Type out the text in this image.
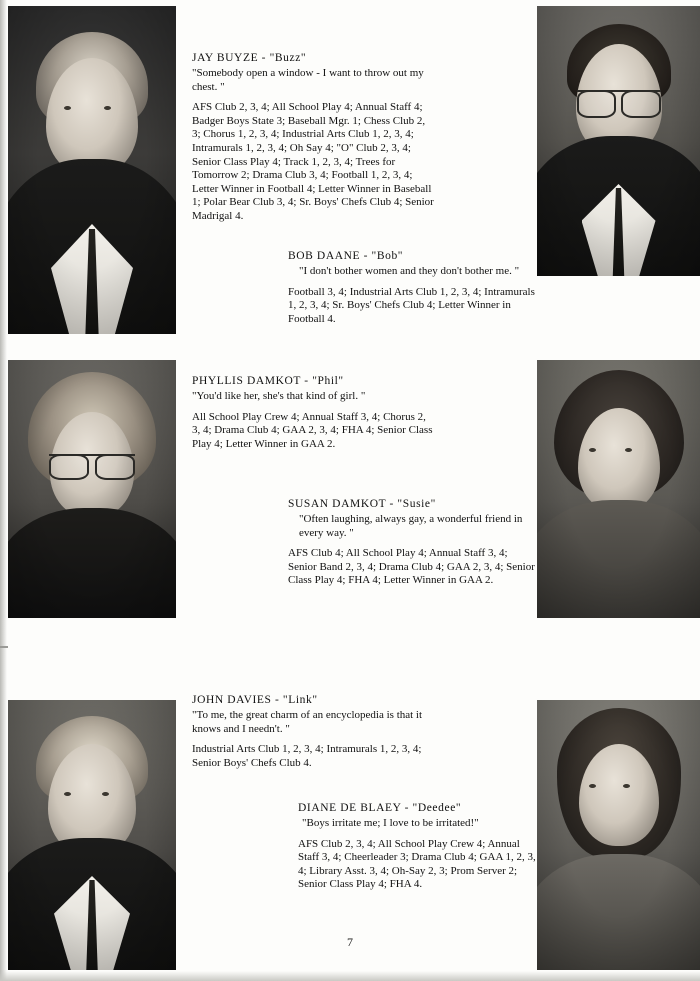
JAY BUYZE - "Buzz"

"Somebody open a window - I want to throw out my chest. "

AFS Club 2, 3, 4; All School Play 4; Annual Staff 4; Badger Boys State 3; Baseball Mgr. 1; Chess Club 2, 3; Chorus 1, 2, 3, 4; Industrial Arts Club 1, 2, 3, 4; Intramurals 1, 2, 3, 4; Oh Say 4; "O" Club 2, 3, 4; Senior Class Play 4; Track 1, 2, 3, 4; Trees for Tomorrow 2; Drama Club 3, 4; Football 1, 2, 3, 4; Letter Winner in Football 4; Letter Winner in Baseball 1; Polar Bear Club 3, 4; Sr. Boys' Chefs Club 4; Senior Madrigal 4.

BOB DAANE - "Bob"

"I don't bother women and they don't bother me. "

Football 3, 4; Industrial Arts Club 1, 2, 3, 4; Intramurals 1, 2, 3, 4; Sr. Boys' Chefs Club 4; Letter Winner in Football 4.

PHYLLIS DAMKOT - "Phil"

"You'd like her, she's that kind of girl. "

All School Play Crew 4; Annual Staff 3, 4; Chorus 2, 3, 4; Drama Club 4; GAA 2, 3, 4; FHA 4; Senior Class Play 4; Letter Winner in GAA 2.

SUSAN DAMKOT - "Susie"

"Often laughing, always gay, a wonderful friend in every way. "

AFS Club 4; All School Play 4; Annual Staff 3, 4; Senior Band 2, 3, 4; Drama Club 4; GAA 2, 3, 4; Senior Class Play 4; FHA 4; Letter Winner in GAA 2.

JOHN DAVIES - "Link"

"To me, the great charm of an encyclopedia is that it knows and I needn't. "

Industrial Arts Club 1, 2, 3, 4; Intramurals 1, 2, 3, 4; Senior Boys' Chefs Club 4.

DIANE DE BLAEY - "Deedee"

"Boys irritate me; I love to be irritated!"

AFS Club 2, 3, 4; All School Play Crew 4; Annual Staff 3, 4; Cheerleader 3; Drama Club 4; GAA 1, 2, 3, 4; Library Asst. 3, 4; Oh-Say 2, 3; Prom Server 2; Senior Class Play 4; FHA 4.

7
